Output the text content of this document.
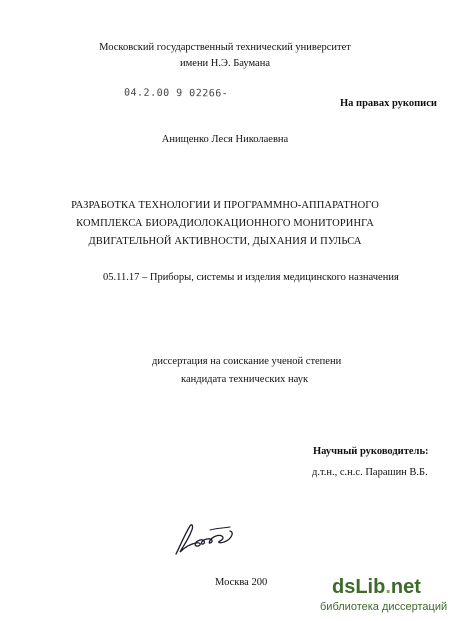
Московский государственный технический университет
имени Н.Э. Баумана
04.2.00 9 02266-
На правах рукописи
Анищенко Леся Николаевна
РАЗРАБОТКА ТЕХНОЛОГИИ И ПРОГРАММНО-АППАРАТНОГО
КОМПЛЕКСА БИОРАДИОЛОКАЦИОННОГО МОНИТОРИНГА
ДВИГАТЕЛЬНОЙ АКТИВНОСТИ, ДЫХАНИЯ И ПУЛЬСА
05.11.17 – Приборы, системы и изделия медицинского назначения
диссертация на соискание ученой степени
кандидата технических наук
Научный руководитель:
д.т.н., с.н.с. Парашин В.Б.
Москва 200	dsLib.net
библиотека диссертаций
